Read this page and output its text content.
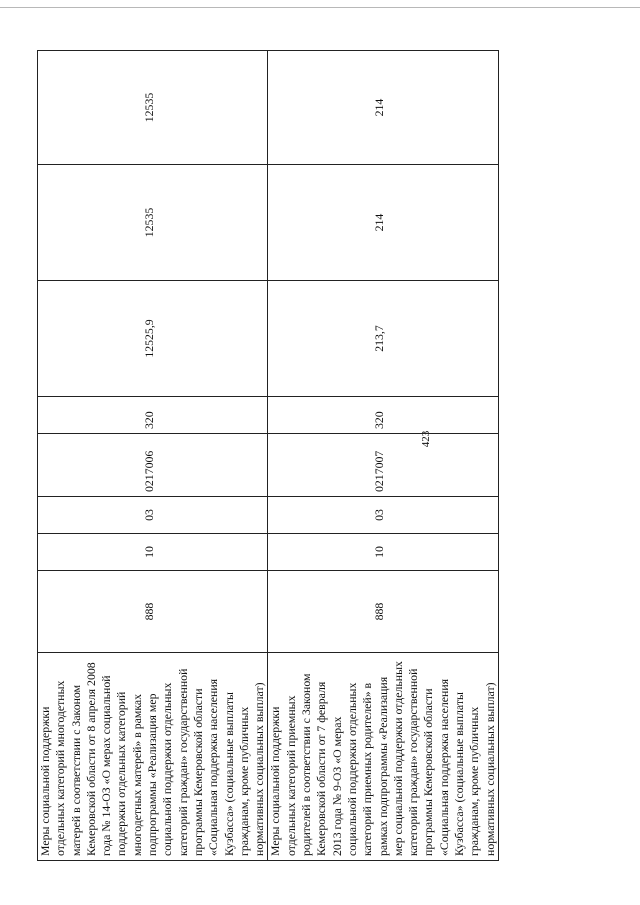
423
Меры социальной поддержки отдельных категорий многодетных матерей в соответствии с Законом Кемеровской области от 8 апреля 2008 года № 14-ОЗ «О мерах социальной поддержки отдельных категорий многодетных матерей» в рамках подпрограммы «Реализация мер социальной поддержки отдельных категорий граждан» государственной программы Кемеровской области «Социальная поддержка населения Кузбасса» (социальные выплаты гражданам, кроме публичных нормативных социальных выплат)	888	10	03	0217006	320	12525,9	12535	12535
Меры социальной поддержки отдельных категорий приемных родителей в соответствии с Законом Кемеровской области от 7 февраля 2013 года № 9-ОЗ «О мерах социальной поддержки отдельных категорий приемных родителей» в рамках подпрограммы «Реализация мер социальной поддержки отдельных категорий граждан» государственной программы Кемеровской области «Социальная поддержка населения Кузбасса» (социальные выплаты гражданам, кроме публичных нормативных социальных выплат)	888	10	03	0217007	320	213,7	214	214
